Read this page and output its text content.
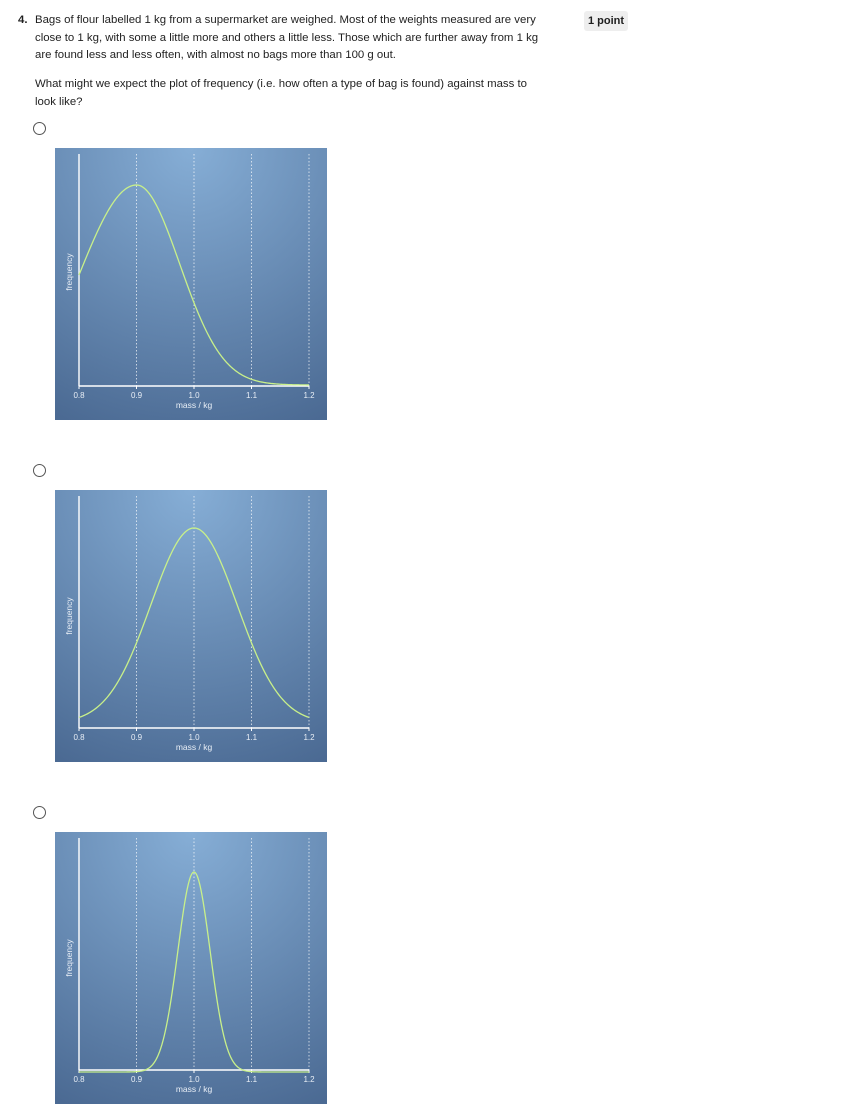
4. Bags of flour labelled 1 kg from a supermarket are weighed. Most of the weights measured are very close to 1 kg, with some a little more and others a little less. Those which are further away from 1 kg are found less and less often, with almost no bags more than 100 g out.
What might we expect the plot of frequency (i.e. how often a type of bag is found) against mass to look like?
1 point
0.8	0.9	1.0	1.1	1.2
mass / kg
frequency
0.8	0.9	1.0	1.1	1.2
mass / kg
frequency
0.8	0.9	1.0	1.1	1.2
mass / kg
frequency
